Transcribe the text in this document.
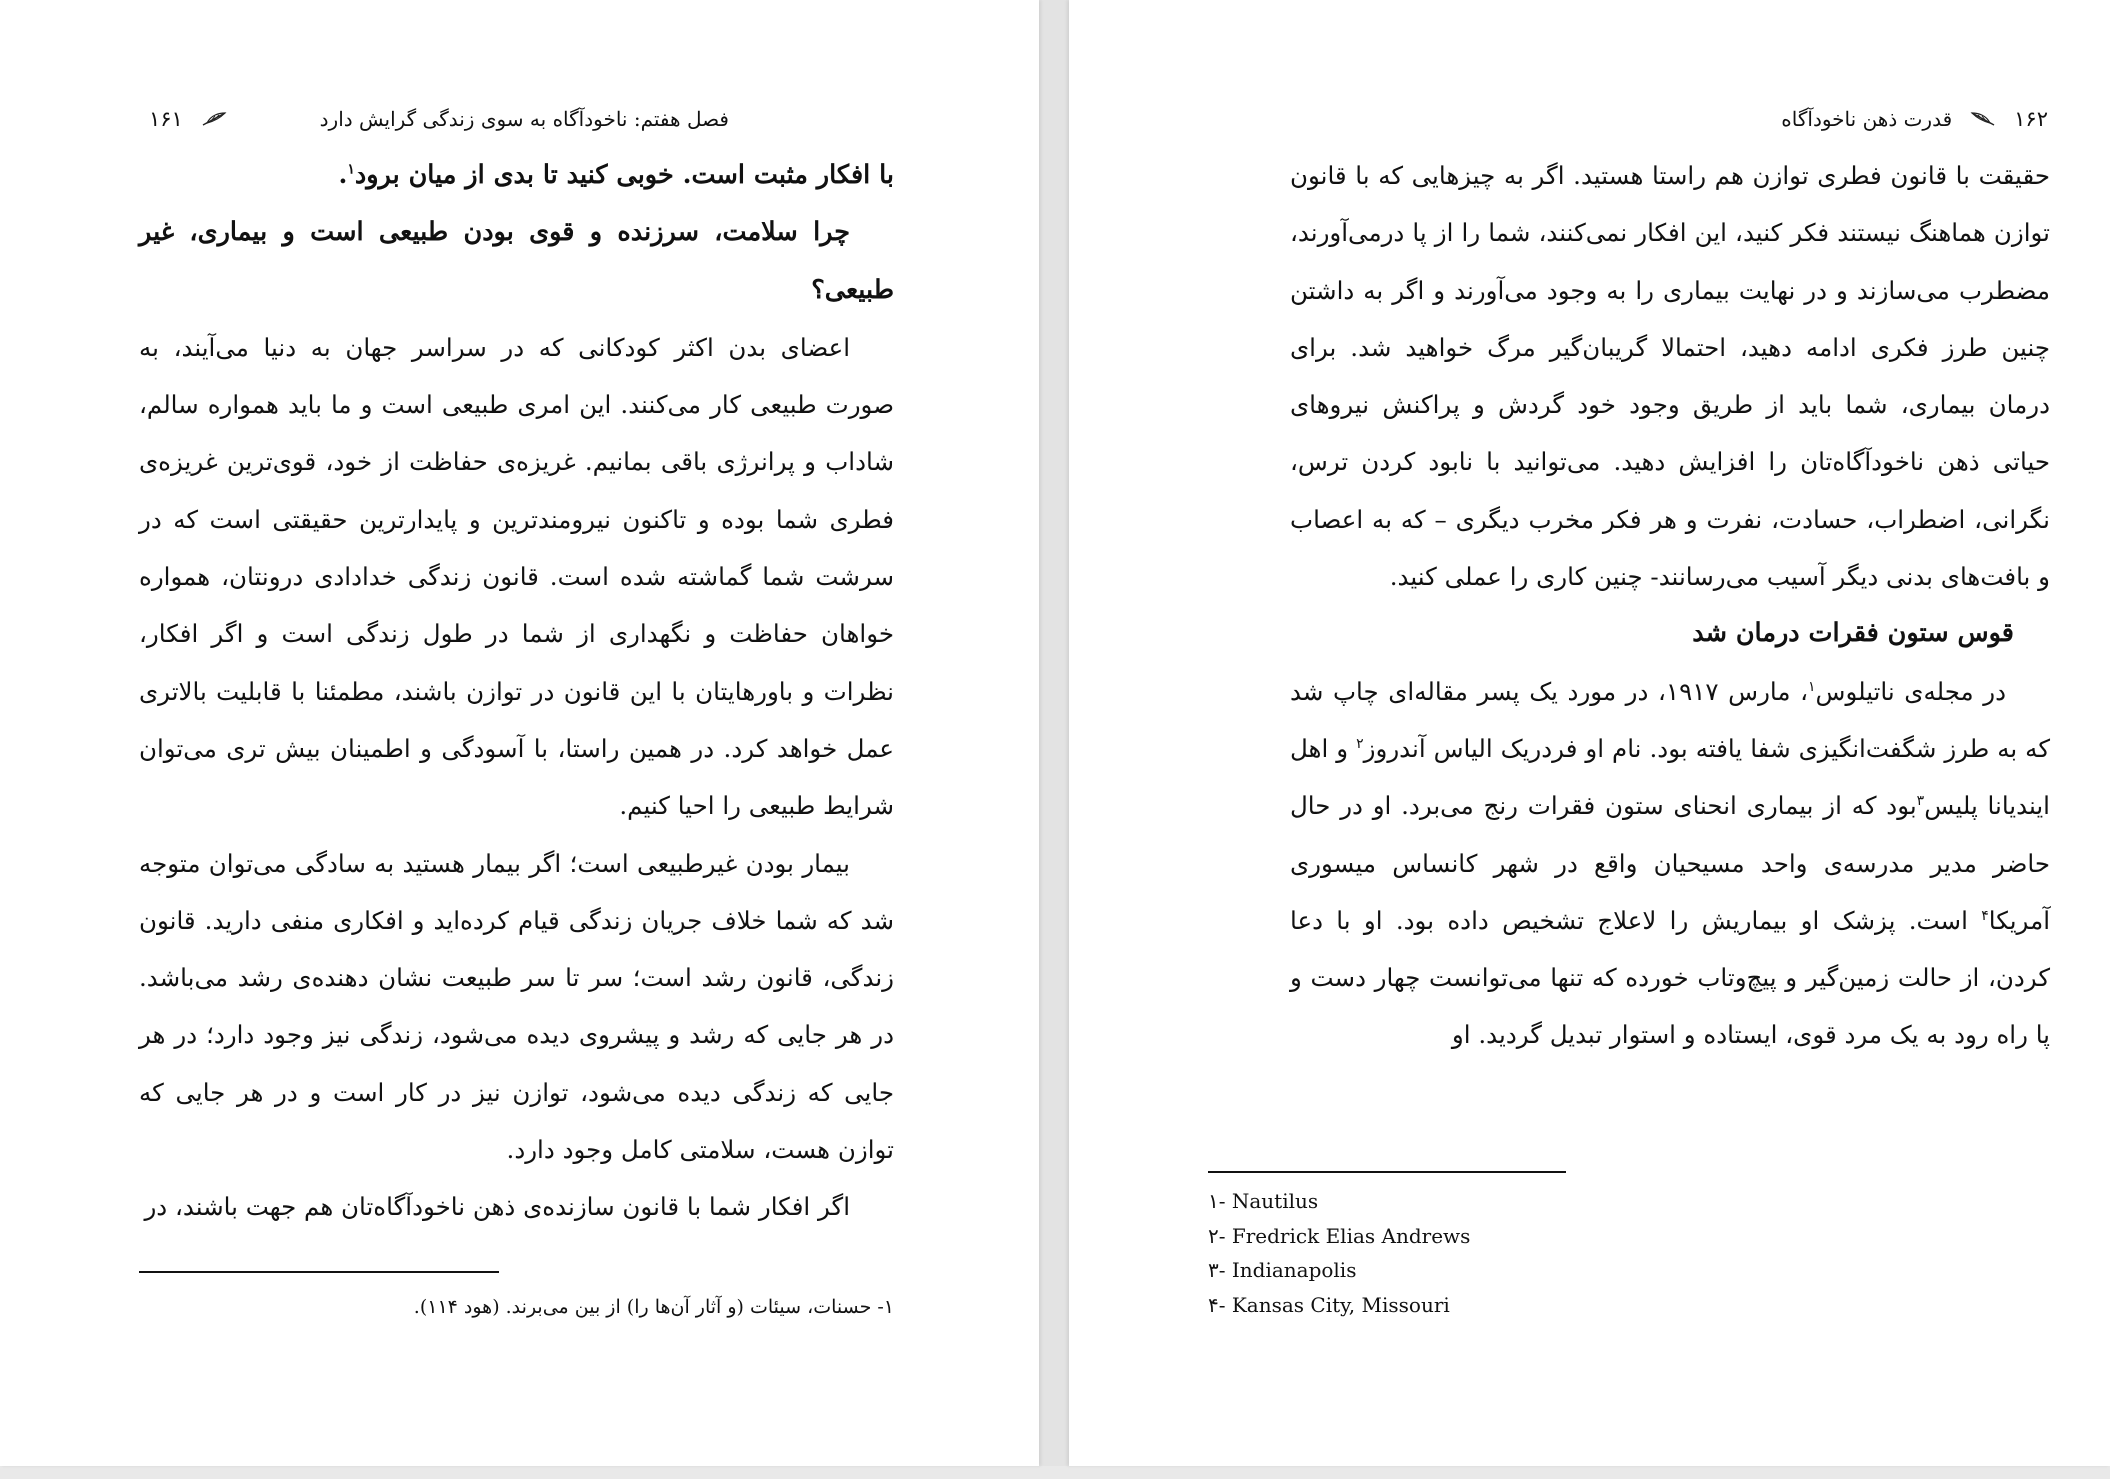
فصل هفتم: ناخودآگاه به سوی زندگی گرایش دارد
۱۶۱

با افکار مثبت است. خوبی کنید تا بدی از میان برود$^۱$.

چرا سلامت، سرزنده و قوی بودن طبیعی است و بیماری، غیر طبیعی؟

اعضای بدن اکثر کودکانی که در سراسر جهان به دنیا می‌آیند، به صورت طبیعی کار می‌کنند. این امری طبیعی است و ما باید همواره سالم، شاداب و پرانرژی باقی بمانیم. غریزه‌ی حفاظت از خود، قوی‌ترین غریزه‌ی فطری شما بوده و تاکنون نیرومندترین و پایدارترین حقیقتی است که در سرشت شما گماشته شده است. قانون زندگی خدادادی درونتان، همواره خواهان حفاظت و نگهداری از شما در طول زندگی است و اگر افکار، نظرات و باورهایتان با این قانون در توازن باشند، مطمئنا با قابلیت بالاتری عمل خواهد کرد. در همین راستا، با آسودگی و اطمینان بیش تری می‌توان شرایط طبیعی را احیا کنیم.

بیمار بودن غیرطبیعی است؛ اگر بیمار هستید به سادگی می‌توان متوجه شد که شما خلاف جریان زندگی قیام کرده‌اید و افکاری منفی دارید. قانون زندگی، قانون رشد است؛ سر تا سر طبیعت نشان دهنده‌ی رشد می‌باشد. در هر جایی که رشد و پیشروی دیده می‌شود، زندگی نیز وجود دارد؛ در هر جایی که زندگی دیده می‌شود، توازن نیز در کار است و در هر جایی که توازن هست، سلامتی کامل وجود دارد.

اگر افکار شما با قانون سازنده‌ی ذهن ناخودآگاه‌تان هم جهت باشند، در

۱- حسنات، سیئات (و آثار آن‌ها را) از بین می‌برند. (هود ۱۱۴).
۱۶۲
قدرت ذهن ناخودآگاه

حقیقت با قانون فطری توازن هم راستا هستید. اگر به چیزهایی که با قانون توازن هماهنگ نیستند فکر کنید، این افکار نمی‌کنند، شما را از پا درمی‌آورند، مضطرب می‌سازند و در نهایت بیماری را به وجود می‌آورند و اگر به داشتن چنین طرز فکری ادامه دهید، احتمالا گریبان‌گیر مرگ خواهید شد. برای درمان بیماری، شما باید از طریق وجود خود گردش و پراکنش نیروهای حیاتی ذهن ناخودآگاه‌تان را افزایش دهید. می‌توانید با نابود کردن ترس، نگرانی، اضطراب، حسادت، نفرت و هر فکر مخرب دیگری – که به اعصاب و بافت‌های بدنی دیگر آسیب می‌رسانند- چنین کاری را عملی کنید.

قوس ستون فقرات درمان شد

در مجله‌ی ناتیلوس$^۱$، مارس ۱۹۱۷، در مورد یک پسر مقاله‌ای چاپ شد که به طرز شگفت‌انگیزی شفا یافته بود. نام او فردریک الیاس آندروز$^۲$ و اهل ایندیانا پلیس$^۳$بود که از بیماری انحنای ستون فقرات رنج می‌برد. او در حال حاضر مدیر مدرسه‌ی واحد مسیحیان واقع در شهر کانساس میسوری آمریکا$^۴$ است. پزشک او بیماریش را لاعلاج تشخیص داده بود. او با دعا کردن، از حالت زمین‌گیر و پیچ‌وتاب خورده که تنها می‌توانست چهار دست و پا راه رود به یک مرد قوی، ایستاده و استوار تبدیل گردید. او

۱- Nautilus
۲- Fredrick Elias Andrews
۳- Indianapolis
۴- Kansas City, Missouri
